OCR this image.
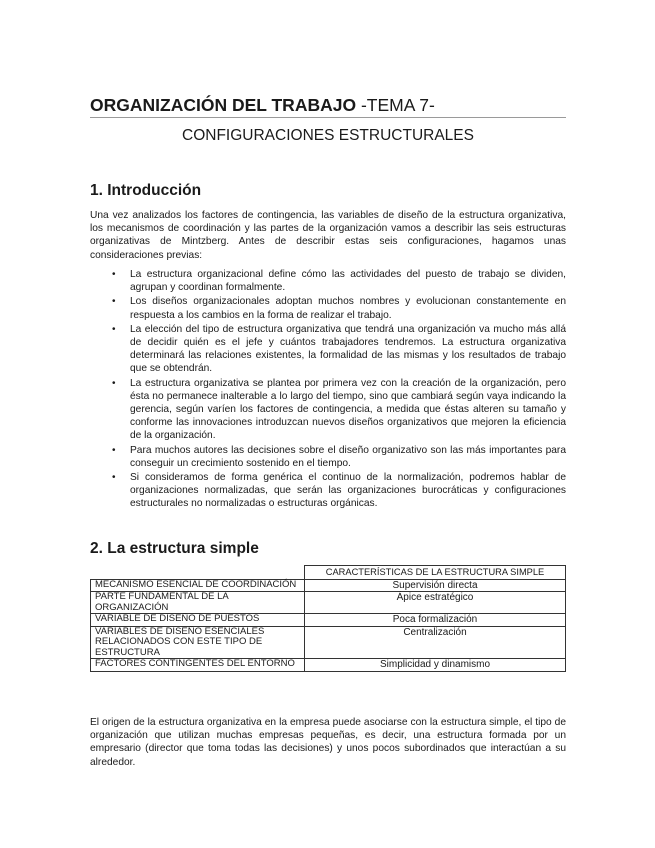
ORGANIZACIÓN DEL TRABAJO -TEMA 7-
CONFIGURACIONES ESTRUCTURALES
1. Introducción

Una vez analizados los factores de contingencia, las variables de diseño de la estructura organizativa, los mecanismos de coordinación y las partes de la organización vamos a describir las seis estructuras organizativas de Mintzberg. Antes de describir estas seis configuraciones, hagamos unas consideraciones previas:

• La estructura organizacional define cómo las actividades del puesto de trabajo se dividen, agrupan y coordinan formalmente.
• Los diseños organizacionales adoptan muchos nombres y evolucionan constantemente en respuesta a los cambios en la forma de realizar el trabajo.
• La elección del tipo de estructura organizativa que tendrá una organización va mucho más allá de decidir quién es el jefe y cuántos trabajadores tendremos. La estructura organizativa determinará las relaciones existentes, la formalidad de las mismas y los resultados de trabajo que se obtendrán.
• La estructura organizativa se plantea por primera vez con la creación de la organización, pero ésta no permanece inalterable a lo largo del tiempo, sino que cambiará según vaya indicando la gerencia, según varíen los factores de contingencia, a medida que éstas alteren su tamaño y conforme las innovaciones introduzcan nuevos diseños organizativos que mejoren la eficiencia de la organización.
• Para muchos autores las decisiones sobre el diseño organizativo son las más importantes para conseguir un crecimiento sostenido en el tiempo.
• Si consideramos de forma genérica el continuo de la normalización, podremos hablar de organizaciones normalizadas, que serán las organizaciones burocráticas y configuraciones estructurales no normalizadas o estructuras orgánicas.
2. La estructura simple
	CARACTERÍSTICAS DE LA ESTRUCTURA SIMPLE
MECANISMO ESENCIAL DE COORDINACIÓN	Supervisión directa
PARTE FUNDAMENTAL DE LA ORGANIZACIÓN	Ápice estratégico
VARIABLE DE DISEÑO DE PUESTOS	Poca formalización
VARIABLES DE DISEÑO ESENCIALES RELACIONADOS CON ESTE TIPO DE ESTRUCTURA	Centralización
FACTORES CONTINGENTES DEL ENTORNO	Simplicidad y dinamismo

El origen de la estructura organizativa en la empresa puede asociarse con la estructura simple, el tipo de organización que utilizan muchas empresas pequeñas, es decir, una estructura formada por un empresario (director que toma todas las decisiones) y unos pocos subordinados que interactúan a su alrededor.
